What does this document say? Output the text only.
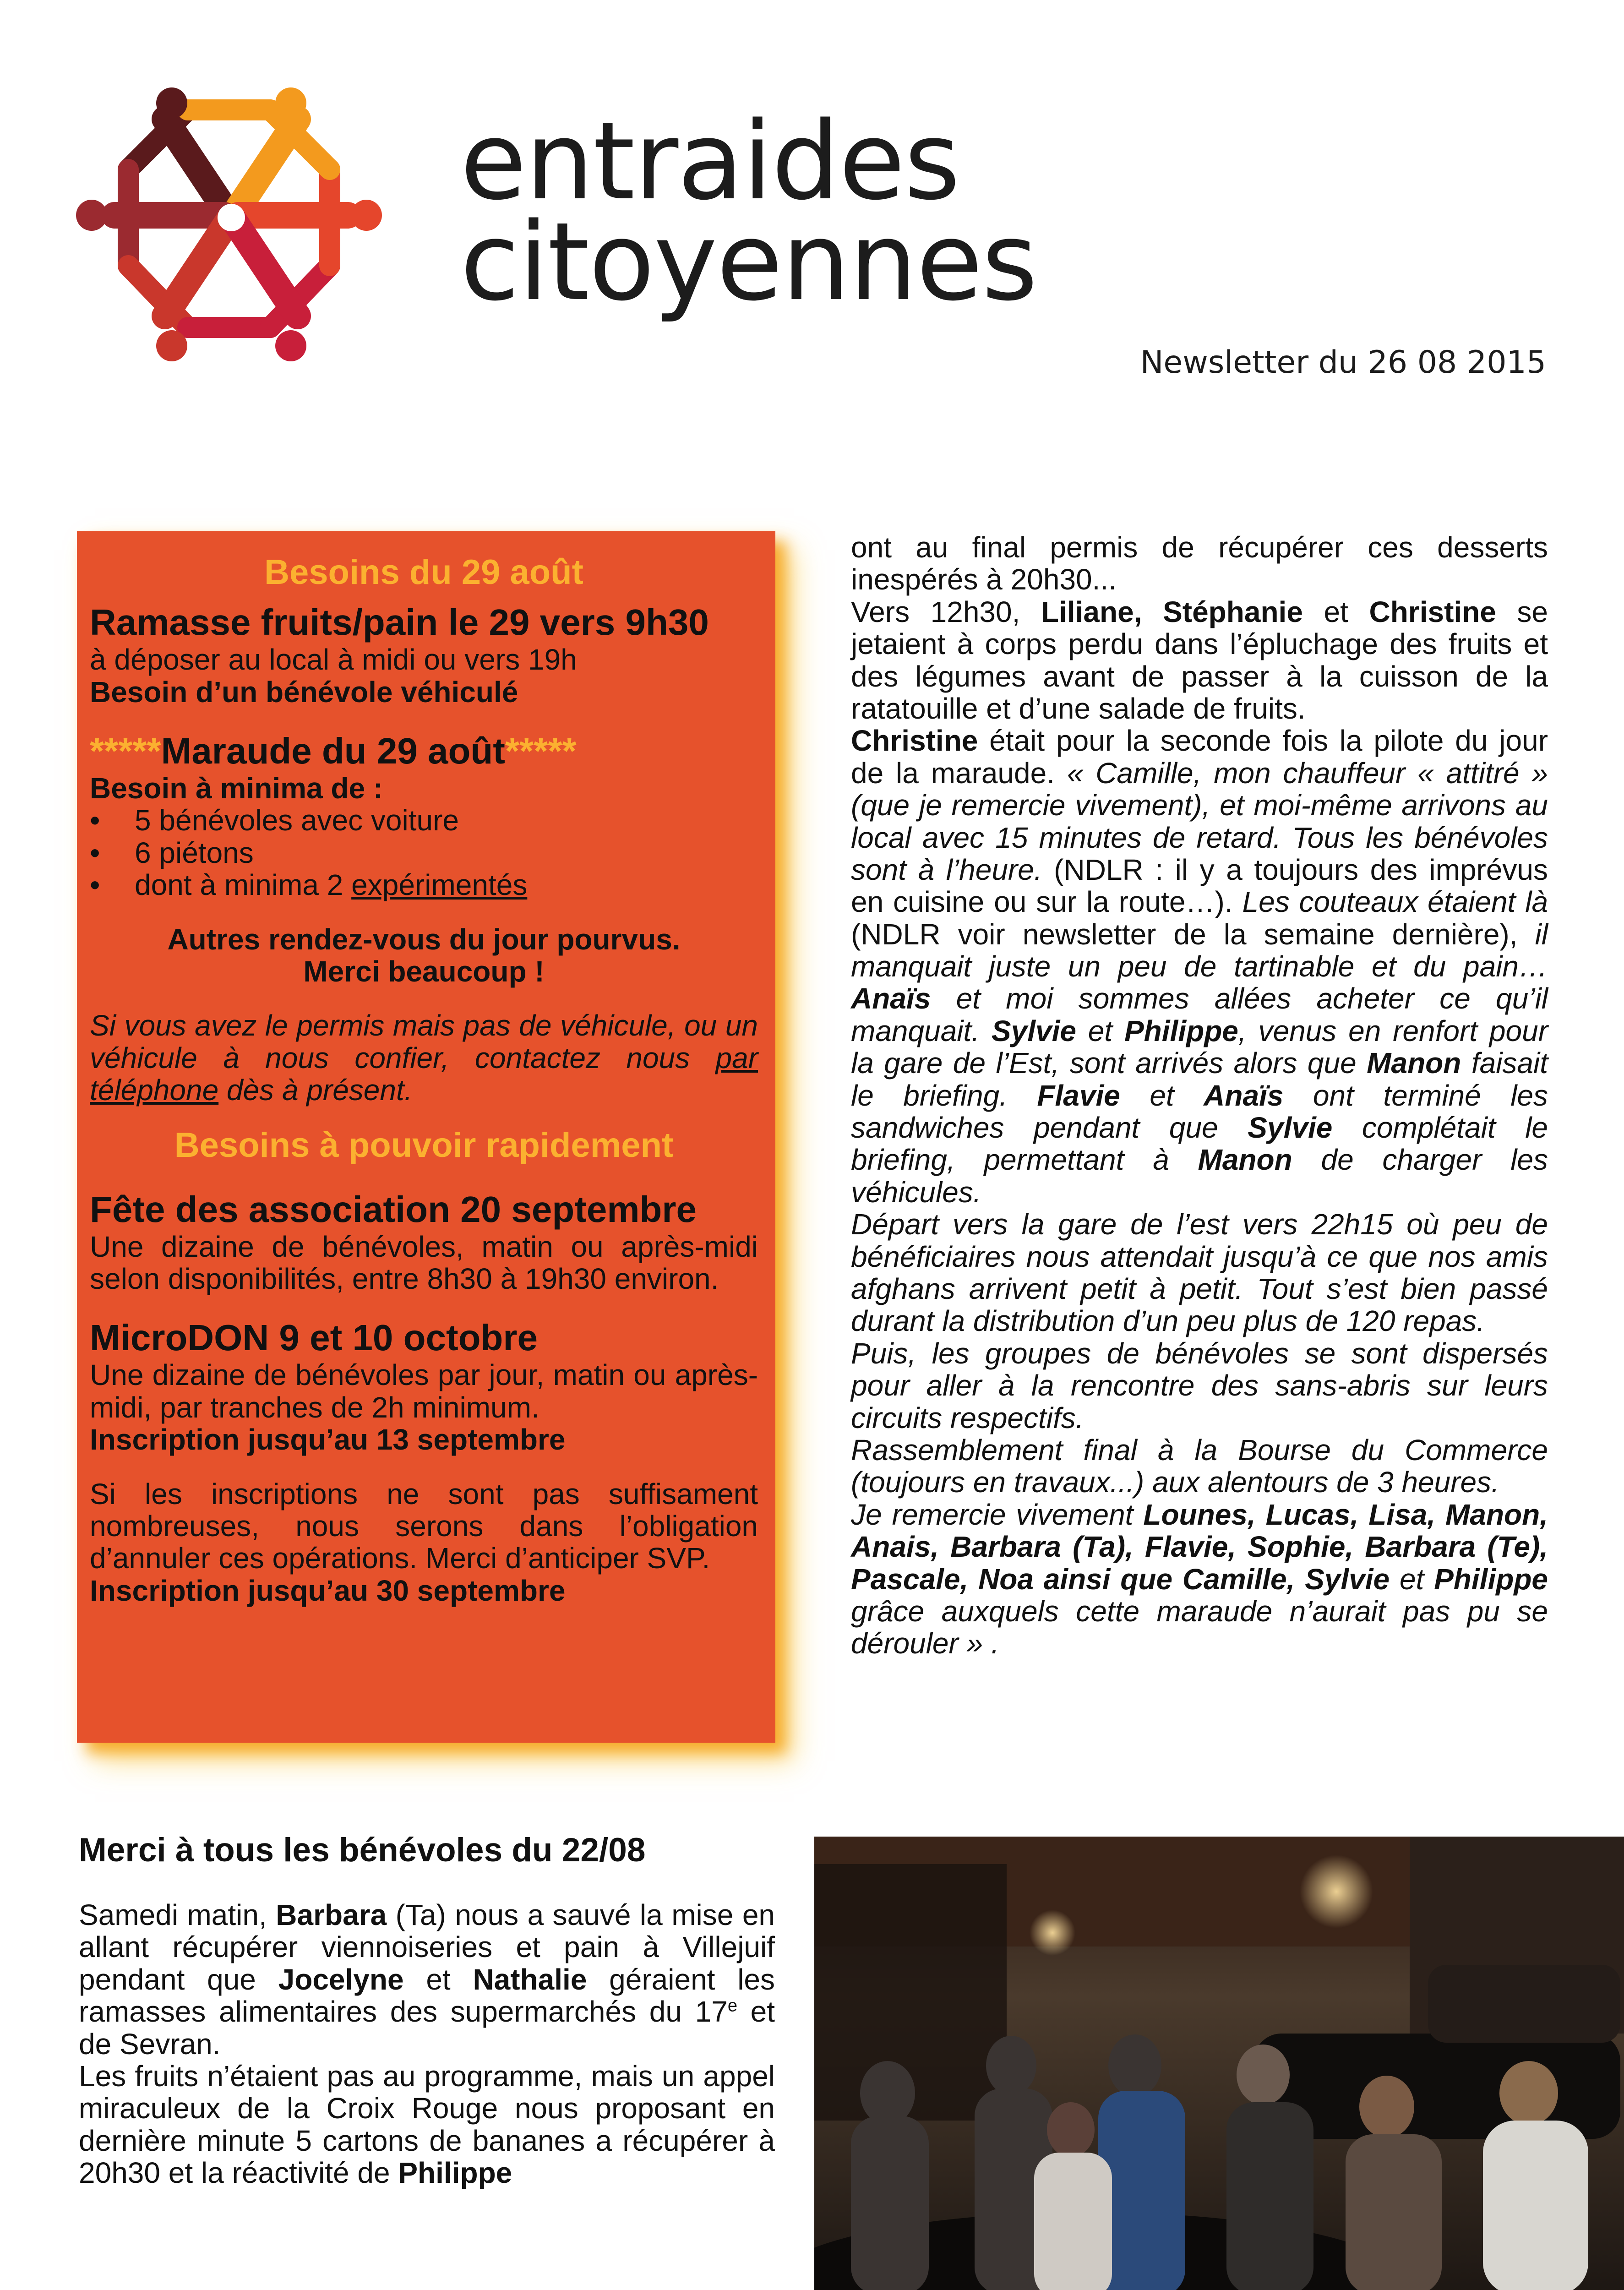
entraides
citoyennes
Newsletter du 26 08 2015

Besoins du 29 août

Ramasse fruits/pain le 29 vers 9h30

à déposer au local à midi ou vers 19h

Besoin d’un bénévole véhiculé

*****Maraude du 29 août*****

Besoin à minima de :

•	5 bénévoles avec voiture
•	6 piétons
•	dont à minima 2 expérimentés

Autres rendez-vous du jour pourvus.

Merci beaucoup !

Si vous avez le permis mais pas de véhicule, ou un véhicule à nous confier, contactez nous par téléphone dès à présent.

Besoins à pouvoir rapidement

Fête des association 20 septembre

Une dizaine de bénévoles, matin ou après-midi selon disponibilités, entre 8h30 à 19h30 environ.

MicroDON 9 et 10 octobre

Une dizaine de bénévoles par jour, matin ou après-midi, par tranches de 2h minimum.

Inscription jusqu’au 13 septembre

Si les inscriptions ne sont pas suffisament nombreuses, nous serons dans l’obligation d’annuler ces opérations. Merci d’anticiper SVP.

Inscription jusqu’au 30 septembre

ont au final permis de récupérer ces desserts inespérés à 20h30...

Vers 12h30, Liliane, Stéphanie et Christine se jetaient à corps perdu dans l’épluchage des fruits et des légumes avant de passer à la cuisson de la ratatouille et d’une salade de fruits.

Christine était pour la seconde fois la pilote du jour de la maraude. « Camille, mon chauffeur « attitré » (que je remercie vivement), et moi-même arrivons au local avec 15 minutes de retard. Tous les bénévoles sont à l’heure. (NDLR : il y a toujours des imprévus en cuisine ou sur la route…). Les couteaux étaient là (NDLR voir newsletter de la semaine dernière), il manquait juste un peu de tartinable et du pain… Anaïs et moi sommes allées acheter ce qu’il manquait. Sylvie et Philippe, venus en renfort pour la gare de l’Est, sont arrivés alors que Manon faisait le briefing. Flavie et Anaïs ont terminé les sandwiches pendant que Sylvie complétait le briefing, permettant à Manon de charger les véhicules.

Départ vers la gare de l’est vers 22h15 où peu de bénéficiaires nous attendait jusqu’à ce que nos amis afghans arrivent petit à petit. Tout s’est bien passé durant la distribution d’un peu plus de 120 repas.

Puis, les groupes de bénévoles se sont dispersés pour aller à la rencontre des sans-abris sur leurs circuits respectifs.

Rassemblement final à la Bourse du Commerce (toujours en travaux...) aux alentours de 3 heures.

Je remercie vivement Lounes, Lucas, Lisa, Manon, Anais, Barbara (Ta), Flavie, Sophie, Barbara (Te), Pascale, Noa ainsi que Camille, Sylvie et Philippe grâce auxquels cette maraude n’aurait pas pu se dérouler » .

Merci à tous les bénévoles du 22/08

Samedi matin, Barbara (Ta) nous a sauvé la mise en allant récupérer viennoiseries et pain à Villejuif pendant que Jocelyne et Nathalie géraient les ramasses alimentaires des supermarchés du 17e et de Sevran.

Les fruits n’étaient pas au programme, mais un appel miraculeux de la Croix Rouge nous proposant en dernière minute 5 cartons de bananes a récupérer à 20h30 et la réactivité de Philippe
